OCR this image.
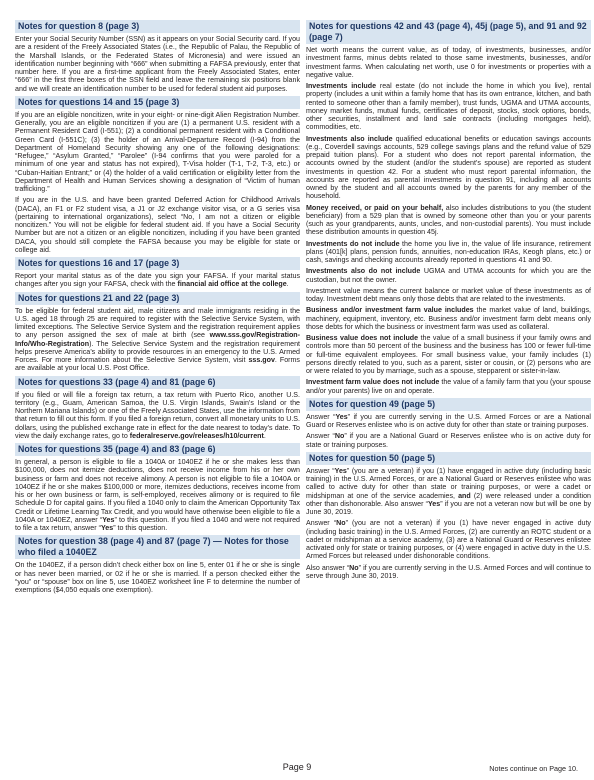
Notes for question 8 (page 3)

Enter your Social Security Number (SSN) as it appears on your Social Security card. If you are a resident of the Freely Associated States (i.e., the Republic of Palau, the Republic of the Marshall Islands, or the Federated States of Micronesia) and were issued an identification number beginning with “666” when submitting a FAFSA previously, enter that number here. If you are a first-time applicant from the Freely Associated States, enter “666” in the first three boxes of the SSN field and leave the remaining six positions blank and we will create an identification number to be used for federal student aid purposes.

Notes for questions 14 and 15 (page 3)

If you are an eligible noncitizen, write in your eight- or nine-digit Alien Registration Number. Generally, you are an eligible noncitizen if you are (1) a permanent U.S. resident with a Permanent Resident Card (I-551); (2) a conditional permanent resident with a Conditional Green Card (I-551C); (3) the holder of an Arrival-Departure Record (I-94) from the Department of Homeland Security showing any one of the following designations: “Refugee,” “Asylum Granted,” “Parolee” (I-94 confirms that you were paroled for a minimum of one year and status has not expired), T-Visa holder (T-1, T-2, T-3, etc.) or “Cuban-Haitian Entrant;” or (4) the holder of a valid certification or eligibility letter from the Department of Health and Human Services showing a designation of “Victim of human trafficking.”

If you are in the U.S. and have been granted Deferred Action for Childhood Arrivals (DACA), an F1 or F2 student visa, a J1 or J2 exchange visitor visa, or a G series visa (pertaining to international organizations), select “No, I am not a citizen or eligible noncitizen.” You will not be eligible for federal student aid. If you have a Social Security Number but are not a citizen or an eligible noncitizen, including if you have been granted DACA, you should still complete the FAFSA because you may be eligible for state or college aid.

Notes for questions 16 and 17 (page 3)

Report your marital status as of the date you sign your FAFSA. If your marital status changes after you sign your FAFSA, check with the financial aid office at the college.

Notes for questions 21 and 22 (page 3)

To be eligible for federal student aid, male citizens and male immigrants residing in the U.S. aged 18 through 25 are required to register with the Selective Service System, with limited exceptions. The Selective Service System and the registration requirement applies to any person assigned the sex of male at birth (see www.sss.gov/Registration-Info/Who-Registration). The Selective Service System and the registration requirement helps preserve America’s ability to provide resources in an emergency to the U.S. Armed Forces. For more information about the Selective Service System, visit sss.gov. Forms are available at your local U.S. Post Office.

Notes for questions 33 (page 4) and 81 (page 6)

If you filed or will file a foreign tax return, a tax return with Puerto Rico, another U.S. territory (e.g., Guam, American Samoa, the U.S. Virgin Islands, Swain’s Island or the Northern Mariana Islands) or one of the Freely Associated States, use the information from that return to fill out this form. If you filed a foreign return, convert all monetary units to U.S. dollars, using the published exchange rate in effect for the date nearest to today’s date. To view the daily exchange rates, go to federalreserve.gov/releases/h10/current.

Notes for questions 35 (page 4) and 83 (page 6)

In general, a person is eligible to file a 1040A or 1040EZ if he or she makes less than $100,000, does not itemize deductions, does not receive income from his or her own business or farm and does not receive alimony. A person is not eligible to file a 1040A or 1040EZ if he or she makes $100,000 or more, itemizes deductions, receives income from his or her own business or farm, is self-employed, receives alimony or is required to file Schedule D for capital gains. If you filed a 1040 only to claim the American Opportunity Tax Credit or Lifetime Learning Tax Credit, and you would have otherwise been eligible to file a 1040A or 1040EZ, answer “Yes” to this question. If you filed a 1040 and were not required to file a tax return, answer “Yes” to this question.

Notes for question 38 (page 4) and 87 (page 7) — Notes for those who filed a 1040EZ

On the 1040EZ, if a person didn’t check either box on line 5, enter 01 if he or she is single or has never been married, or 02 if he or she is married. If a person checked either the “you” or “spouse” box on line 5, use 1040EZ worksheet line F to determine the number of exemptions ($4,050 equals one exemption).

Notes for questions 42 and 43 (page 4), 45j (page 5), and 91 and 92 (page 7)

Net worth means the current value, as of today, of investments, businesses, and/or investment farms, minus debts related to those same investments, businesses, and/or investment farms. When calculating net worth, use 0 for investments or properties with a negative value.

Investments include real estate (do not include the home in which you live), rental property (includes a unit within a family home that has its own entrance, kitchen, and bath rented to someone other than a family member), trust funds, UGMA and UTMA accounts, money market funds, mutual funds, certificates of deposit, stocks, stock options, bonds, other securities, installment and land sale contracts (including mortgages held), commodities, etc.

Investments also include qualified educational benefits or education savings accounts (e.g., Coverdell savings accounts, 529 college savings plans and the refund value of 529 prepaid tuition plans). For a student who does not report parental information, the accounts owned by the student (and/or the student’s spouse) are reported as student investments in question 42. For a student who must report parental information, the accounts are reported as parental investments in question 91, including all accounts owned by the student and all accounts owned by the parents for any member of the household.

Money received, or paid on your behalf, also includes distributions to you (the student beneficiary) from a 529 plan that is owned by someone other than you or your parents (such as your grandparents, aunts, uncles, and non-custodial parents). You must include these distribution amounts in question 45j.

Investments do not include the home you live in, the value of life insurance, retirement plans (401[k] plans, pension funds, annuities, non-education IRAs, Keogh plans, etc.) or cash, savings and checking accounts already reported in questions 41 and 90.

Investments also do not include UGMA and UTMA accounts for which you are the custodian, but not the owner.

Investment value means the current balance or market value of these investments as of today. Investment debt means only those debts that are related to the investments.

Business and/or investment farm value includes the market value of land, buildings, machinery, equipment, inventory, etc. Business and/or investment farm debt means only those debts for which the business or investment farm was used as collateral.

Business value does not include the value of a small business if your family owns and controls more than 50 percent of the business and the business has 100 or fewer full-time or full-time equivalent employees. For small business value, your family includes (1) persons directly related to you, such as a parent, sister or cousin, or (2) persons who are or were related to you by marriage, such as a spouse, stepparent or sister-in-law.

Investment farm value does not include the value of a family farm that you (your spouse and/or your parents) live on and operate.

Notes for question 49 (page 5)

Answer “Yes” if you are currently serving in the U.S. Armed Forces or are a National Guard or Reserves enlistee who is on active duty for other than state or training purposes.

Answer “No” if you are a National Guard or Reserves enlistee who is on active duty for state or training purposes.

Notes for question 50 (page 5)

Answer “Yes” (you are a veteran) if you (1) have engaged in active duty (including basic training) in the U.S. Armed Forces, or are a National Guard or Reserves enlistee who was called to active duty for other than state or training purposes, or were a cadet or midshipman at one of the service academies, and (2) were released under a condition other than dishonorable. Also answer “Yes” if you are not a veteran now but will be one by June 30, 2019.

Answer “No” (you are not a veteran) if you (1) have never engaged in active duty (including basic training) in the U.S. Armed Forces, (2) are currently an ROTC student or a cadet or midshipman at a service academy, (3) are a National Guard or Reserves enlistee activated only for state or training purposes, or (4) were engaged in active duty in the U.S. Armed Forces but released under dishonorable conditions.

Also answer “No” if you are currently serving in the U.S. Armed Forces and will continue to serve through June 30, 2019.

Page 9	Notes continue on Page 10.
